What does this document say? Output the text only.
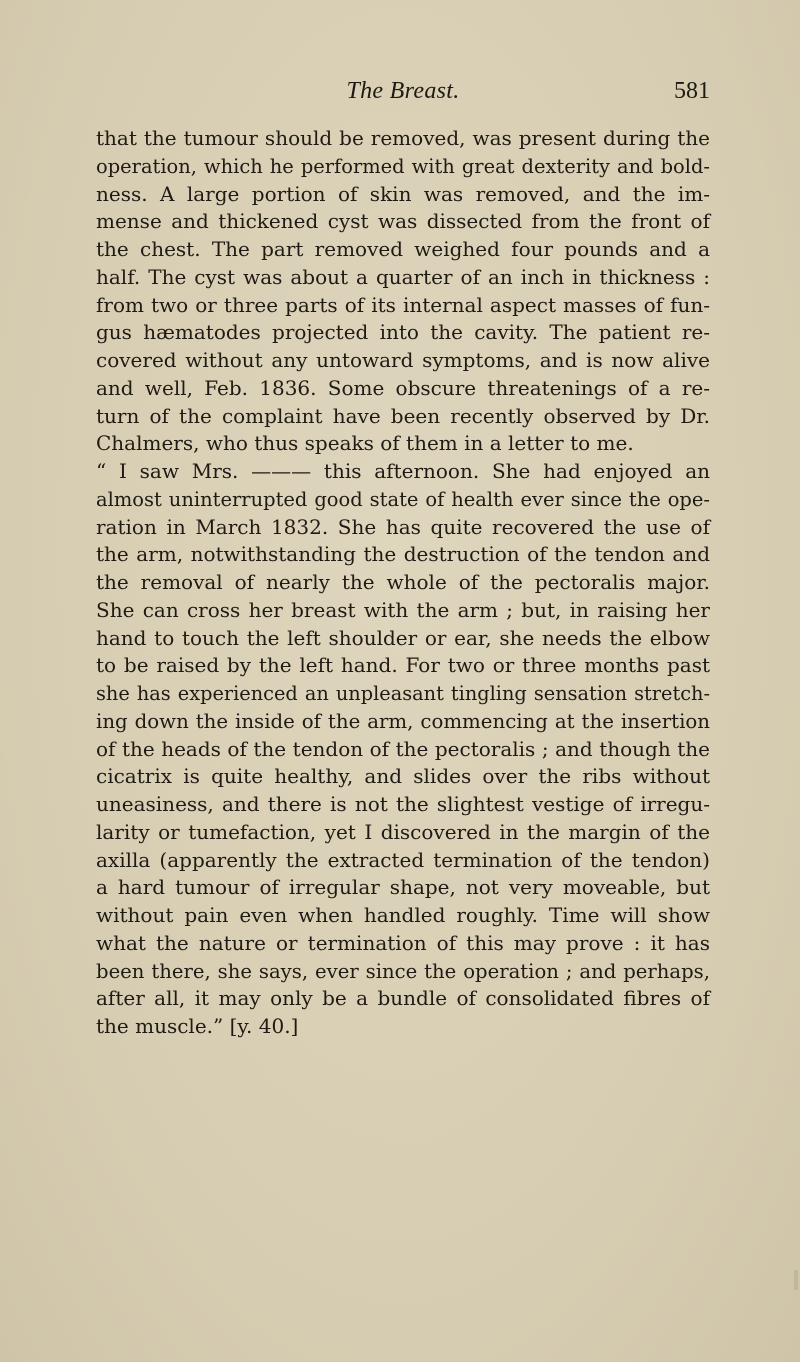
The Breast.	581
that the tumour should be removed, was present during the
operation, which he performed with great dexterity and bold-
ness. A large portion of skin was removed, and the im-
mense and thickened cyst was dissected from the front of
the chest. The part removed weighed four pounds and a
half. The cyst was about a quarter of an inch in thickness :
from two or three parts of its internal aspect masses of fun-
gus hæmatodes projected into the cavity. The patient re-
covered without any untoward symptoms, and is now alive
and well, Feb. 1836. Some obscure threatenings of a re-
turn of the complaint have been recently observed by Dr.
Chalmers, who thus speaks of them in a letter to me.
“ I saw Mrs. ——— this afternoon. She had enjoyed an
almost uninterrupted good state of health ever since the ope-
ration in March 1832. She has quite recovered the use of
the arm, notwithstanding the destruction of the tendon and
the removal of nearly the whole of the pectoralis major.
She can cross her breast with the arm ; but, in raising her
hand to touch the left shoulder or ear, she needs the elbow
to be raised by the left hand. For two or three months past
she has experienced an unpleasant tingling sensation stretch-
ing down the inside of the arm, commencing at the insertion
of the heads of the tendon of the pectoralis ; and though the
cicatrix is quite healthy, and slides over the ribs without
uneasiness, and there is not the slightest vestige of irregu-
larity or tumefaction, yet I discovered in the margin of the
axilla (apparently the extracted termination of the tendon)
a hard tumour of irregular shape, not very moveable, but
without pain even when handled roughly. Time will show
what the nature or termination of this may prove : it has
been there, she says, ever since the operation ; and perhaps,
after all, it may only be a bundle of consolidated fibres of
the muscle.” [y. 40.]
